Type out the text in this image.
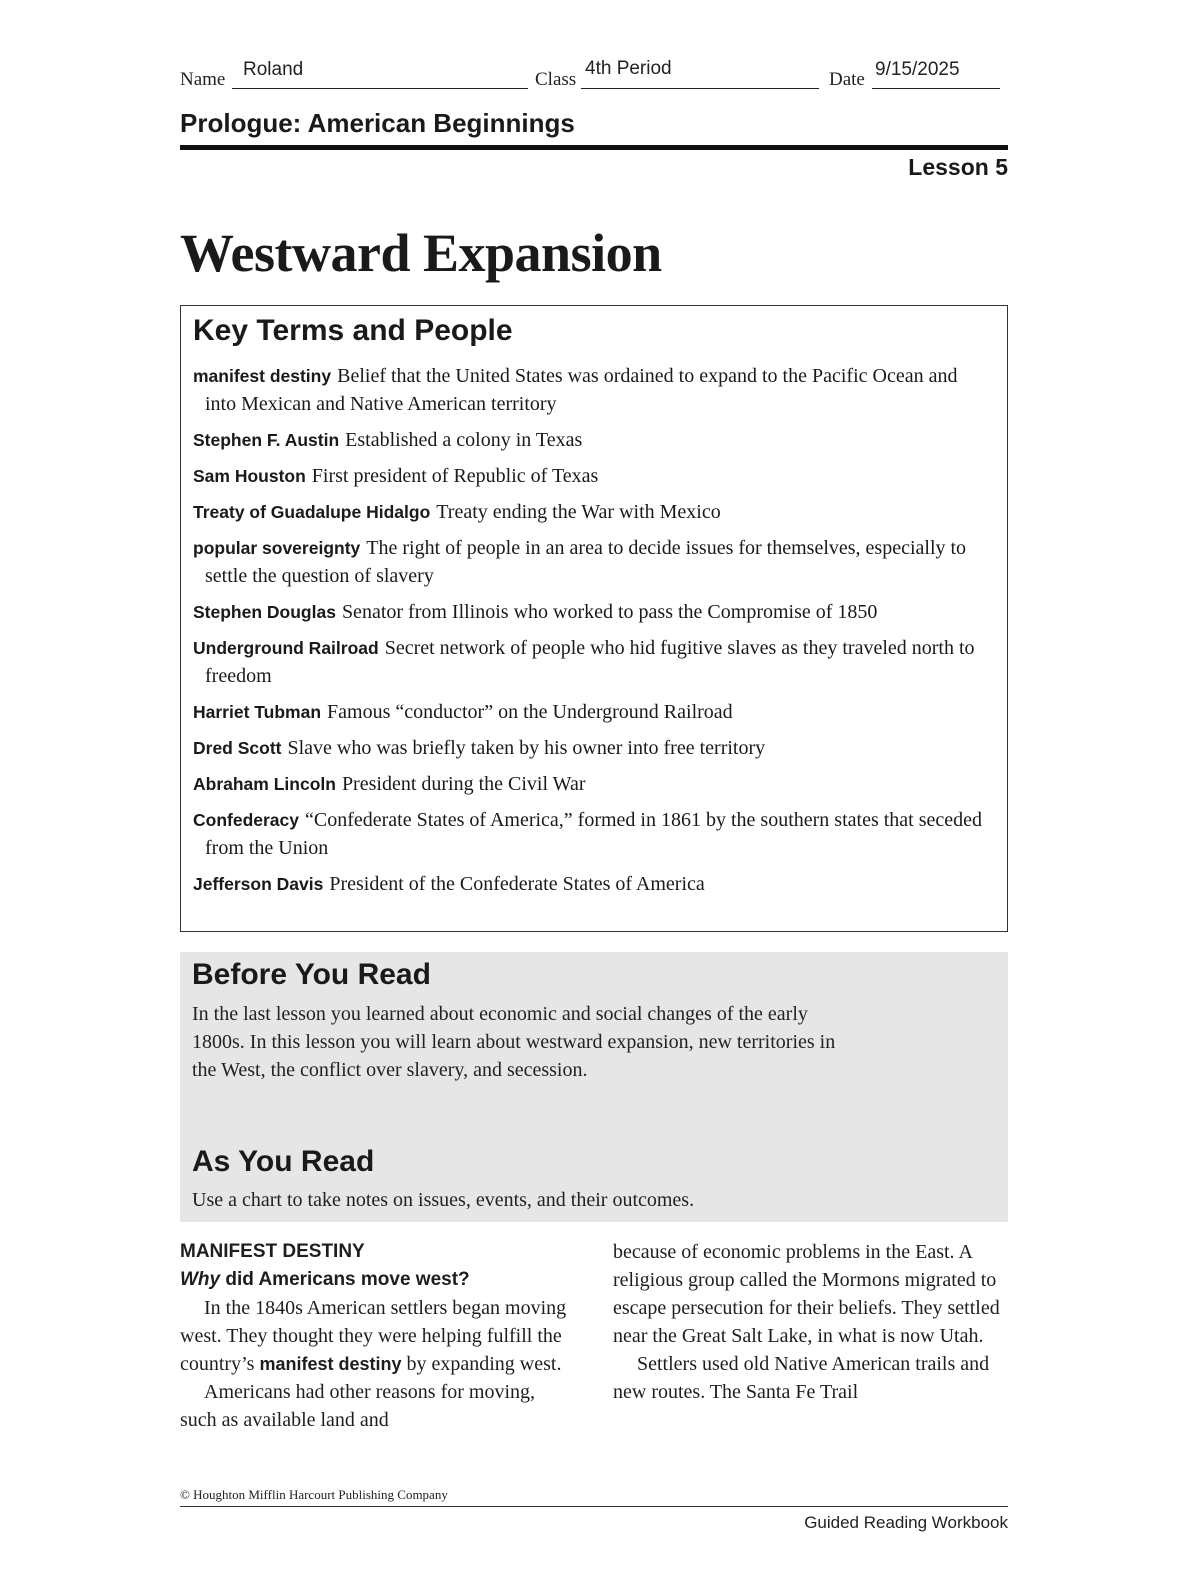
Name Roland	Class
4th Period
Date 9/15/2025
Prologue: American Beginnings
Lesson 5
Westward Expansion
Key Terms and People
manifest destiny Belief that the United States was ordained to expand to the Pacific Ocean and into Mexican and Native American territory
Stephen F. Austin Established a colony in Texas
Sam Houston First president of Republic of Texas
Treaty of Guadalupe Hidalgo Treaty ending the War with Mexico
popular sovereignty The right of people in an area to decide issues for themselves, especially to settle the question of slavery
Stephen Douglas Senator from Illinois who worked to pass the Compromise of 1850
Underground Railroad Secret network of people who hid fugitive slaves as they traveled north to freedom
Harriet Tubman Famous “conductor” on the Underground Railroad
Dred Scott Slave who was briefly taken by his owner into free territory
Abraham Lincoln President during the Civil War
Confederacy “Confederate States of America,” formed in 1861 by the southern states that seceded from the Union
Jefferson Davis President of the Confederate States of America
Before You Read
In the last lesson you learned about economic and social changes of the early 1800s. In this lesson you will learn about westward expansion, new territories in the West, the conflict over slavery, and secession.
As You Read
Use a chart to take notes on issues, events, and their outcomes.
MANIFEST DESTINY
Why did Americans move west?

In the 1840s American settlers began moving west. They thought they were helping fulfill the country’s manifest destiny by expanding west.

Americans had other reasons for moving, such as available land and

because of economic problems in the East. A religious group called the Mormons migrated to escape persecution for their beliefs. They settled near the Great Salt Lake, in what is now Utah.

Settlers used old Native American trails and new routes. The Santa Fe Trail

© Houghton Mifflin Harcourt Publishing Company
Guided Reading Workbook
